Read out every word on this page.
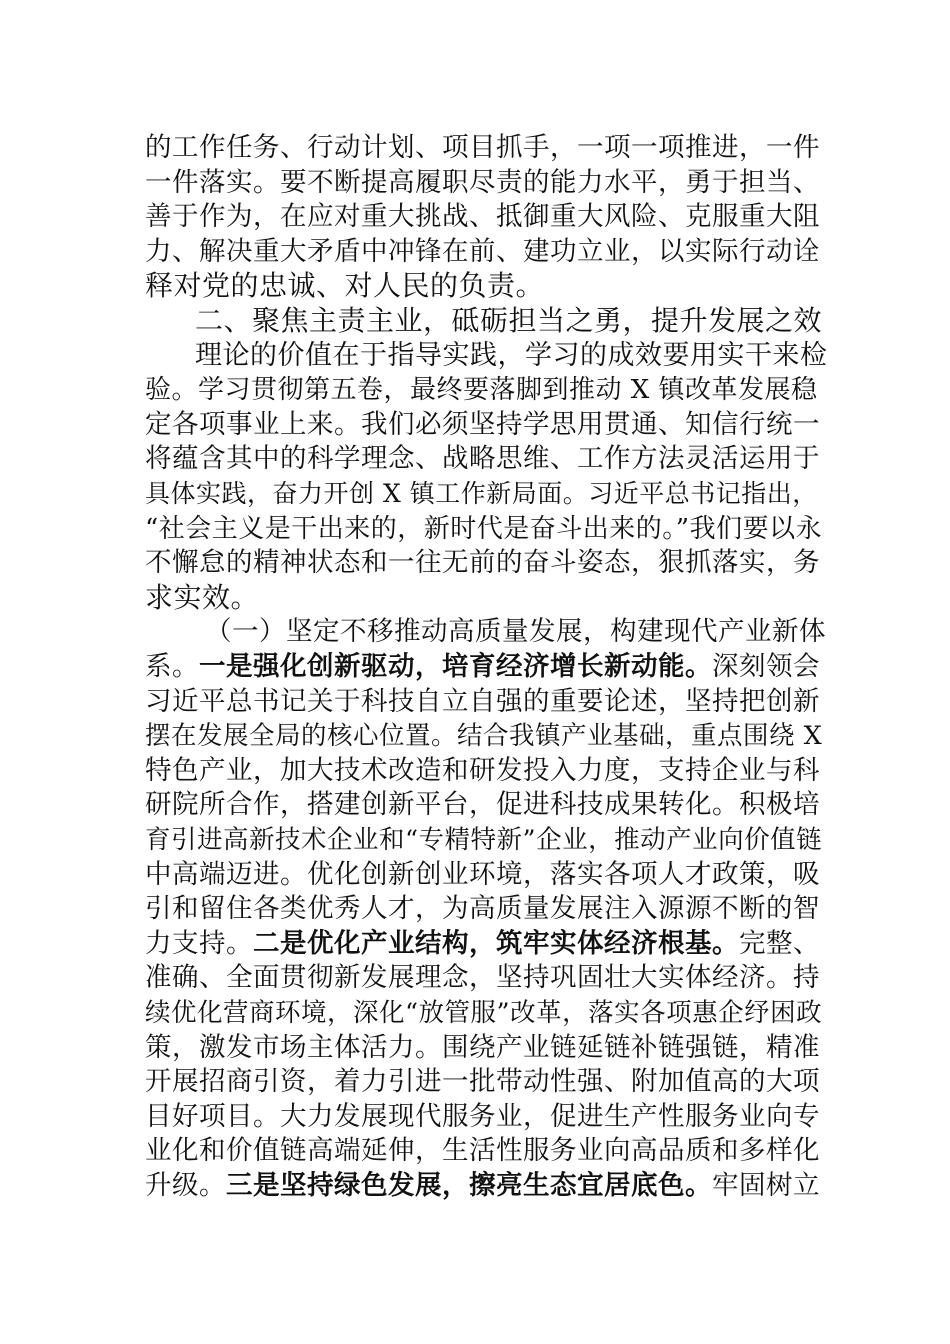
的工作任务、行动计划、项目抓手，一项一项推进，一件
一件落实。要不断提高履职尽责的能力水平，勇于担当、
善于作为，在应对重大挑战、抵御重大风险、克服重大阻
力、解决重大矛盾中冲锋在前、建功立业，以实际行动诠
释对党的忠诚、对人民的负责。
二、聚焦主责主业，砥砺担当之勇，提升发展之效
理论的价值在于指导实践，学习的成效要用实干来检
验。学习贯彻第五卷，最终要落脚到推动 X 镇改革发展稳
定各项事业上来。我们必须坚持学思用贯通、知信行统一
将蕴含其中的科学理念、战略思维、工作方法灵活运用于
具体实践，奋力开创 X 镇工作新局面。习近平总书记指出，
“社会主义是干出来的，新时代是奋斗出来的。”我们要以永
不懈怠的精神状态和一往无前的奋斗姿态，狠抓落实，务
求实效。
（一）坚定不移推动高质量发展，构建现代产业新体
系。一是强化创新驱动，培育经济增长新动能。深刻领会
习近平总书记关于科技自立自强的重要论述，坚持把创新
摆在发展全局的核心位置。结合我镇产业基础，重点围绕 X
特色产业，加大技术改造和研发投入力度，支持企业与科
研院所合作，搭建创新平台，促进科技成果转化。积极培
育引进高新技术企业和“专精特新”企业，推动产业向价值链
中高端迈进。优化创新创业环境，落实各项人才政策，吸
引和留住各类优秀人才，为高质量发展注入源源不断的智
力支持。二是优化产业结构，筑牢实体经济根基。完整、
准确、全面贯彻新发展理念，坚持巩固壮大实体经济。持
续优化营商环境，深化“放管服”改革，落实各项惠企纾困政
策，激发市场主体活力。围绕产业链延链补链强链，精准
开展招商引资，着力引进一批带动性强、附加值高的大项
目好项目。大力发展现代服务业，促进生产性服务业向专
业化和价值链高端延伸，生活性服务业向高品质和多样化
升级。三是坚持绿色发展，擦亮生态宜居底色。牢固树立
